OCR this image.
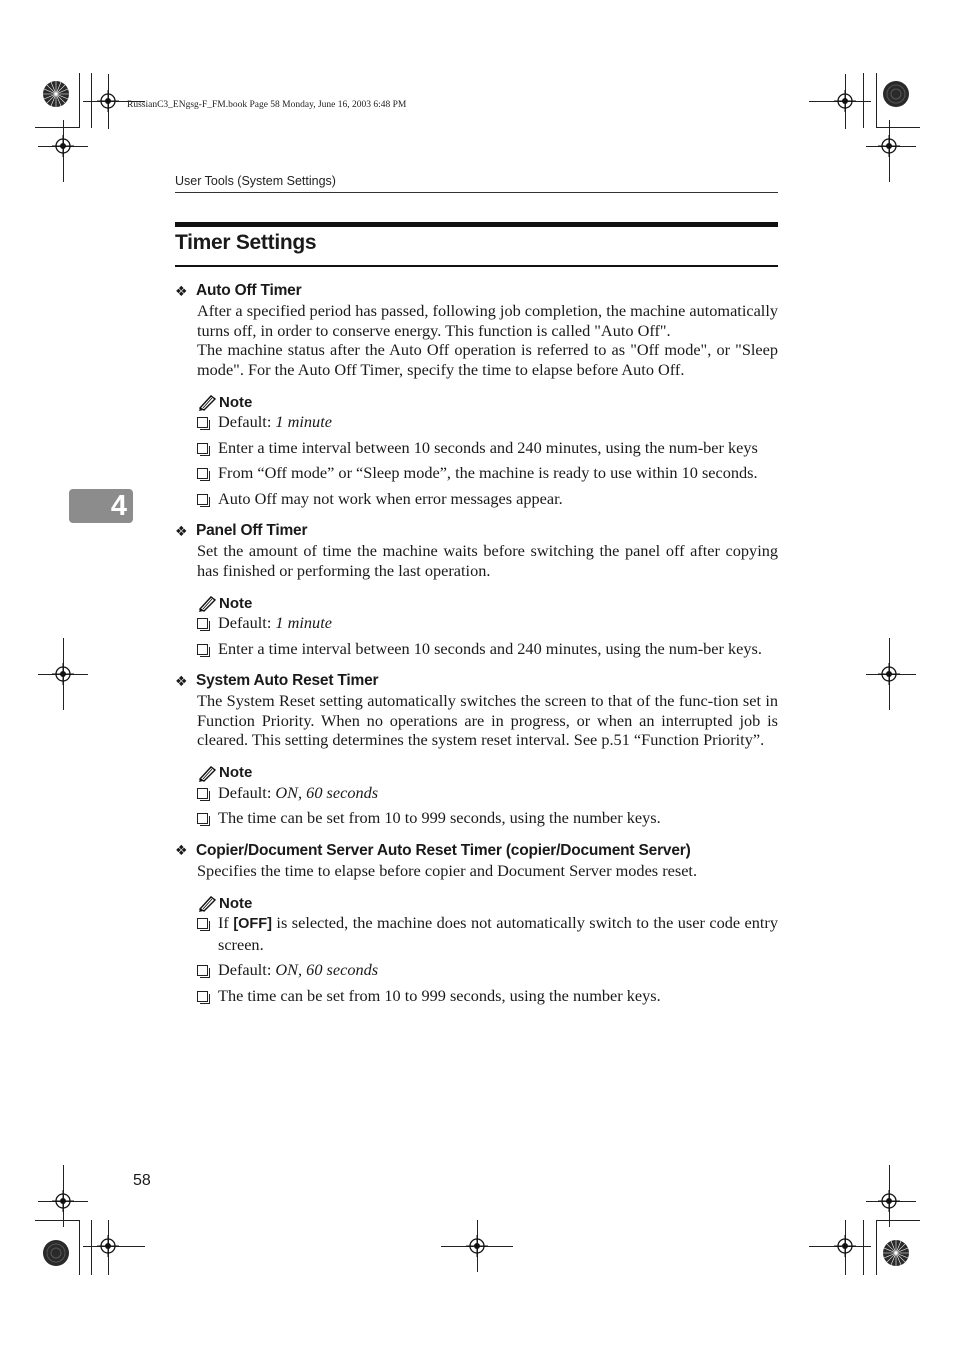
RussianC3_ENgsg-F_FM.book Page 58 Monday, June 16, 2003 6:48 PM
User Tools (System Settings)
Timer Settings
4
❖ Auto Off Timer
After a specified period has passed, following job completion, the machine automatically turns off, in order to conserve energy. This function is called "Auto Off".
The machine status after the Auto Off operation is referred to as "Off mode", or "Sleep mode". For the Auto Off Timer, specify the time to elapse before Auto Off.
Note
Default: 1 minute
Enter a time interval between 10 seconds and 240 minutes, using the num-ber keys
From “Off mode” or “Sleep mode”, the machine is ready to use within 10 seconds.
Auto Off may not work when error messages appear.
❖ Panel Off Timer
Set the amount of time the machine waits before switching the panel off after copying has finished or performing the last operation.
Note
Default: 1 minute
Enter a time interval between 10 seconds and 240 minutes, using the num-ber keys.
❖ System Auto Reset Timer
The System Reset setting automatically switches the screen to that of the func-tion set in Function Priority. When no operations are in progress, or when an interrupted job is cleared. This setting determines the system reset interval. See p.51 “Function Priority”.
Note
Default: ON, 60 seconds
The time can be set from 10 to 999 seconds, using the number keys.
❖ Copier/Document Server Auto Reset Timer (copier/Document Server)
Specifies the time to elapse before copier and Document Server modes reset.
Note
If [OFF] is selected, the machine does not automatically switch to the user code entry screen.
Default: ON, 60 seconds
The time can be set from 10 to 999 seconds, using the number keys.
58
